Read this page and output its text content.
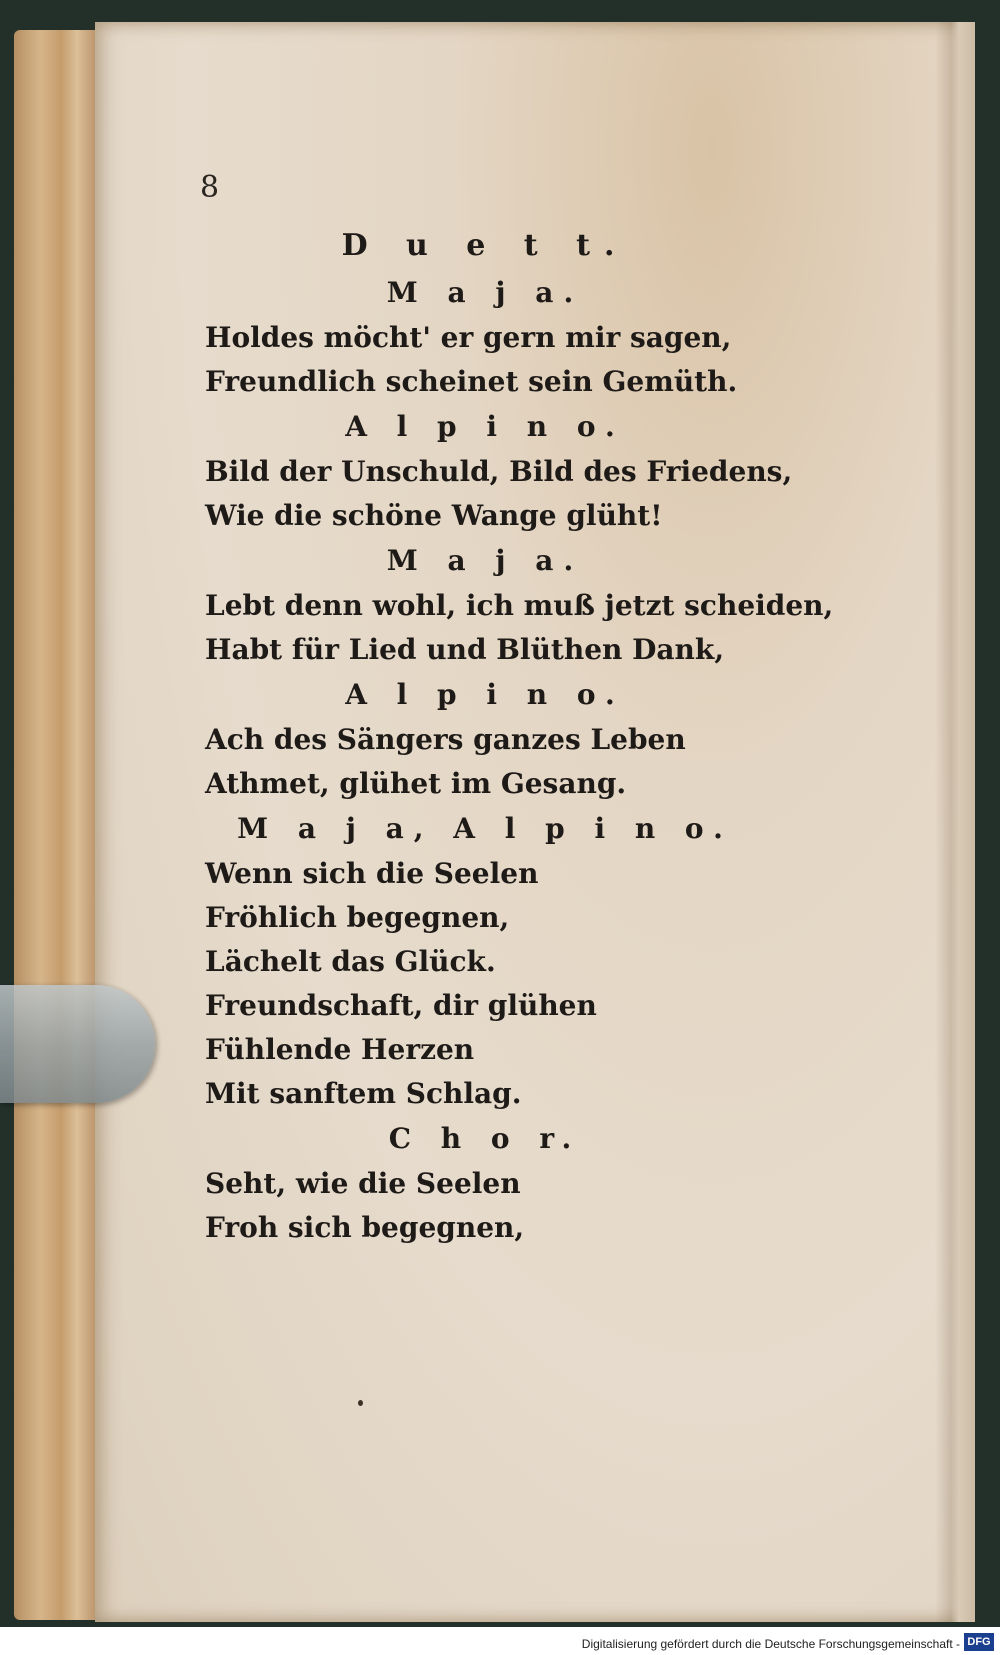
8
D u e t t.
M a j a.
Holdes möcht' er gern mir sagen,
Freundlich scheinet sein Gemüth.
A l p i n o.
Bild der Unschuld, Bild des Friedens,
Wie die schöne Wange glüht!
M a j a.
Lebt denn wohl, ich muß jetzt scheiden,
Habt für Lied und Blüthen Dank,
A l p i n o.
Ach des Sängers ganzes Leben
Athmet, glühet im Gesang.
M a j a, A l p i n o.
Wenn sich die Seelen
Fröhlich begegnen,
Lächelt das Glück.
Freundschaft, dir glühen
Fühlende Herzen
Mit sanftem Schlag.
C h o r.
Seht, wie die Seelen
Froh sich begegnen,
Digitalisierung gefördert durch die Deutsche Forschungsgemeinschaft - DFG
